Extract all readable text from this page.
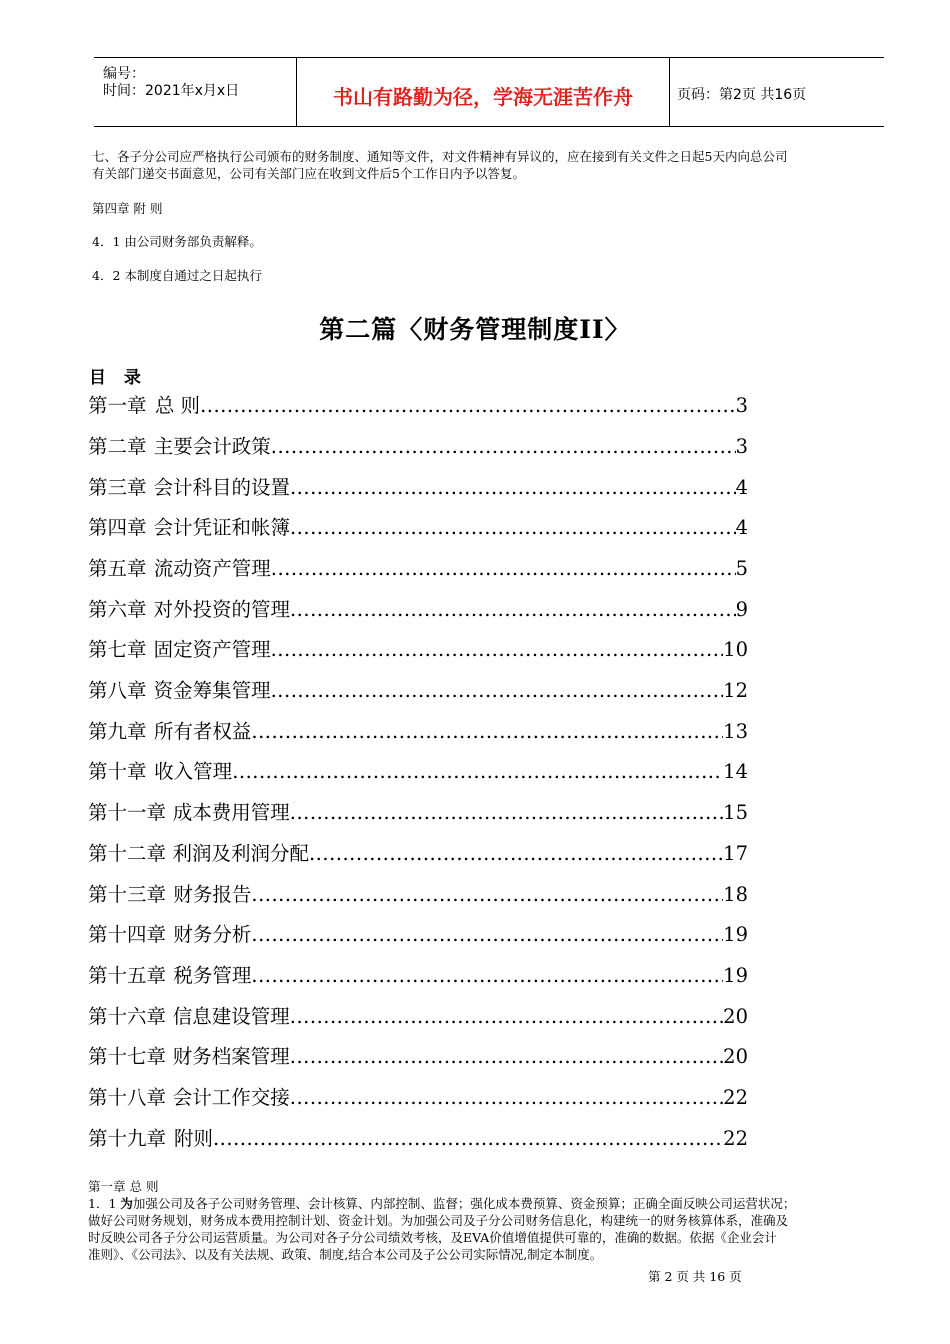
编号：
时间：2021年x月x日	书山有路勤为径，学海无涯苦作舟	页码：第2页 共16页
七、各子分公司应严格执行公司颁布的财务制度、通知等文件，对文件精神有异议的，应在接到有关文件之日起5天内向总公司
有关部门递交书面意见，公司有关部门应在收到文件后5个工作日内予以答复。
第四章 附 则
4．1 由公司财务部负责解释。
4．2 本制度自通过之日起执行
第二篇〈财务管理制度II〉
目 录
第一章 总 则 .....	3
第二章 主要会计政策 .....	3
第三章 会计科目的设置 .....	4
第四章 会计凭证和帐簿 .....	4
第五章 流动资产管理 .....	5
第六章 对外投资的管理 .....	9
第七章 固定资产管理 .....	10
第八章 资金筹集管理 .....	12
第九章 所有者权益 .....	13
第十章 收入管理 .....	14
第十一章 成本费用管理 .....	15
第十二章 利润及利润分配 .....	17
第十三章 财务报告 .....	18
第十四章 财务分析 .....	19
第十五章 税务管理 .....	19
第十六章 信息建设管理 .....	20
第十七章 财务档案管理 .....	20
第十八章 会计工作交接 .....	22
第十九章 附则 .....	22
第一章 总 则
1．1 为加强公司及各子公司财务管理、会计核算、内部控制、监督；强化成本费预算、资金预算；正确全面反映公司运营状况；
做好公司财务规划，财务成本费用控制计划、资金计划。为加强公司及子分公司财务信息化，构建统一的财务核算体系，准确及
时反映公司各子分公司运营质量。为公司对各子分公司绩效考核，及EVA价值增值提供可靠的，准确的数据。依据《企业会计
准则》、《公司法》、以及有关法规、政策、制度,结合本公司及子公公司实际情况,制定本制度。
第 2 页 共 16 页
